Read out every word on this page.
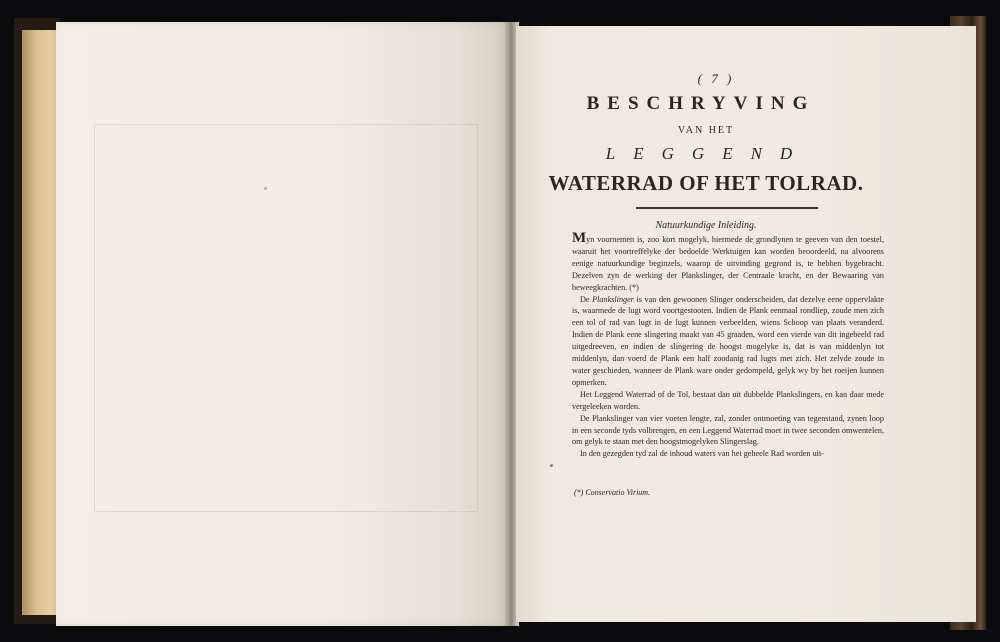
( 7 )
BESCHRYVING
VAN HET
LEGGEND
WATERRAD OF HET TOLRAD.
Natuurkundige Inleiding.

Myn voornemen is, zoo kort mogelyk, hiermede de grondlynen te geeven van den toestel, waaruit het voortreffelyke der bedoelde Werktuigen kan worden beoordeeld, na alvoorens eenige natuurkundige beginzels, waarop de uitvinding gegrond is, te hebben bygebracht. Dezelven zyn de werking der Plankslinger, der Centraale kracht, en der Bewaaring van beweegkrachten. (*)

De Plankslinger is van den gewoonen Slinger onderscheiden, dat dezelve eene oppervlakte is, waarmede de lugt word voortgestooten. Indien de Plank eenmaal rondliep, zoude men zich een tol of rad van lugt in de lugt kunnen verbeelden, wiens Schoop van plaats veranderd. Indien de Plank eene slingering maakt van 45 graaden, word een vierde van dit ingebeeld rad uitgedreeven, en indien de slingering de hoogst mogelyke is, dat is van middenlyn tot middenlyn, dan voerd de Plank een half zoodanig rad lugts met zich. Het zelvde zoude in water geschieden, wanneer de Plank ware onder gedompeld, gelyk wy by het roeijen kunnen opmerken.

Het Leggend Waterrad of de Tol, bestaat dan uit dubbelde Plankslingers, en kan daar mede vergeleeken worden.

De Plankslinger van vier voeten lengte, zal, zonder ontmoeting van tegenstand, zynen loop in een seconde tyds volbrengen, en een Leggend Waterrad moet in twee seconden omwentelen, om gelyk te staan met den hoogstmogelyken Slingerslag.

In den gezegden tyd zal de inhoud waters van het geheele Rad worden uit-

(*) Conservatio Virium.
